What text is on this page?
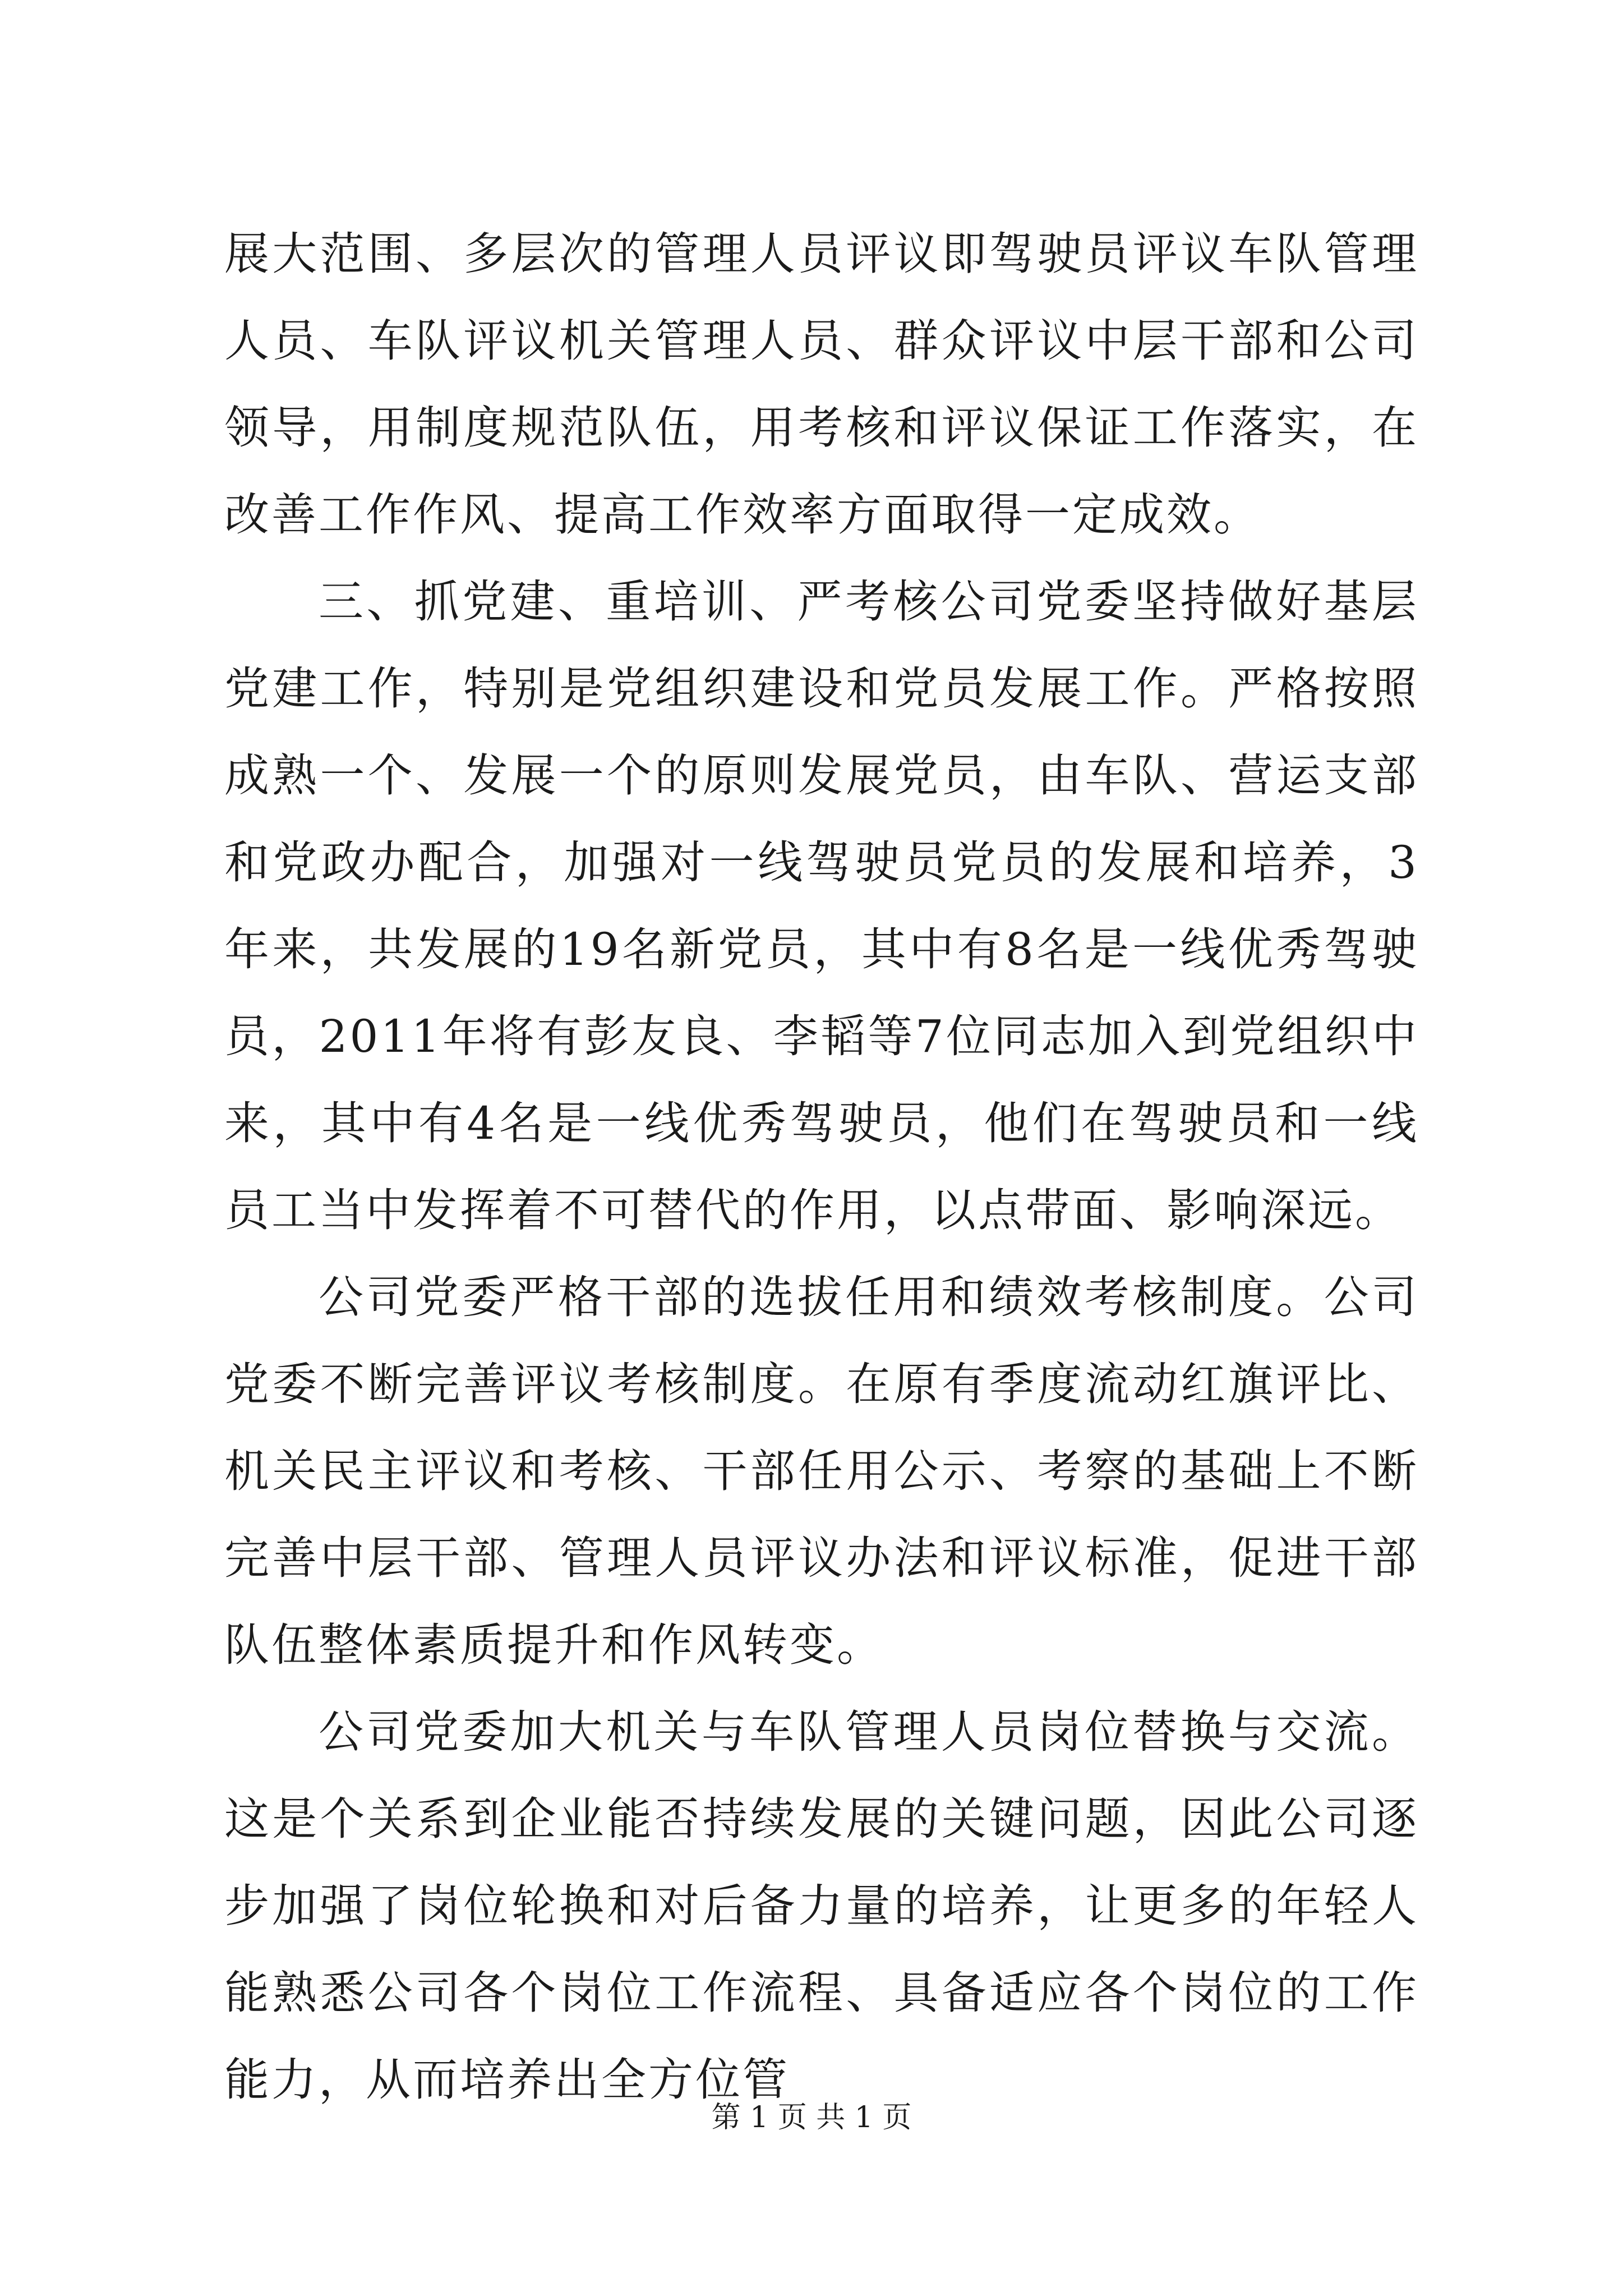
展大范围、多层次的管理人员评议即驾驶员评议车队管理人员、车队评议机关管理人员、群众评议中层干部和公司领导，用制度规范队伍，用考核和评议保证工作落实，在改善工作作风、提高工作效率方面取得一定成效。

三、抓党建、重培训、严考核公司党委坚持做好基层党建工作，特别是党组织建设和党员发展工作。严格按照成熟一个、发展一个的原则发展党员，由车队、营运支部和党政办配合，加强对一线驾驶员党员的发展和培养，3年来，共发展的19名新党员，其中有8名是一线优秀驾驶员，2011年将有彭友良、李韬等7位同志加入到党组织中来，其中有4名是一线优秀驾驶员，他们在驾驶员和一线员工当中发挥着不可替代的作用，以点带面、影响深远。

公司党委严格干部的选拔任用和绩效考核制度。公司党委不断完善评议考核制度。在原有季度流动红旗评比、机关民主评议和考核、干部任用公示、考察的基础上不断完善中层干部、管理人员评议办法和评议标准，促进干部队伍整体素质提升和作风转变。

公司党委加大机关与车队管理人员岗位替换与交流。这是个关系到企业能否持续发展的关键问题，因此公司逐步加强了岗位轮换和对后备力量的培养，让更多的年轻人能熟悉公司各个岗位工作流程、具备适应各个岗位的工作能力，从而培养出全方位管

第 1 页 共 1 页
